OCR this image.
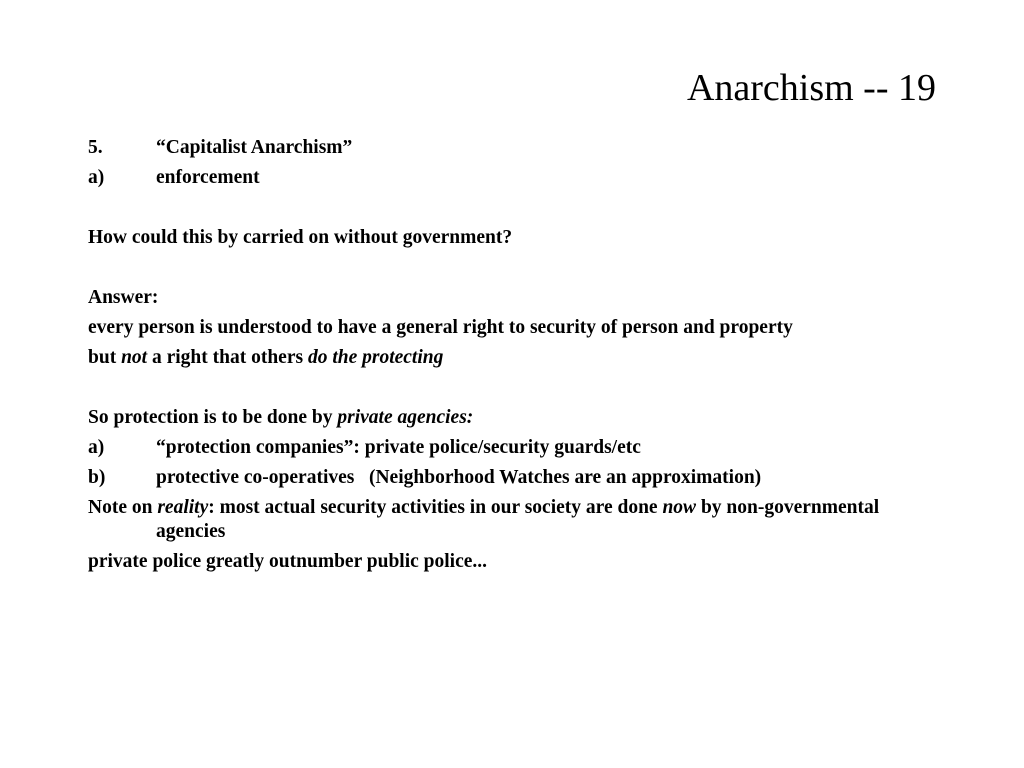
Anarchism -- 19
5.	“Capitalist Anarchism”
a)	enforcement
How could this by carried on without government?
Answer:
every person is understood to have a general right to security of person and property
but not a right that others do the protecting
So protection is to be done by private agencies:
a)	“protection companies”: private police/security guards/etc
b)	protective co-operatives   (Neighborhood Watches are an approximation)
Note on reality: most actual security activities in our society are done now by non-governmental agencies
private police greatly outnumber public police...
